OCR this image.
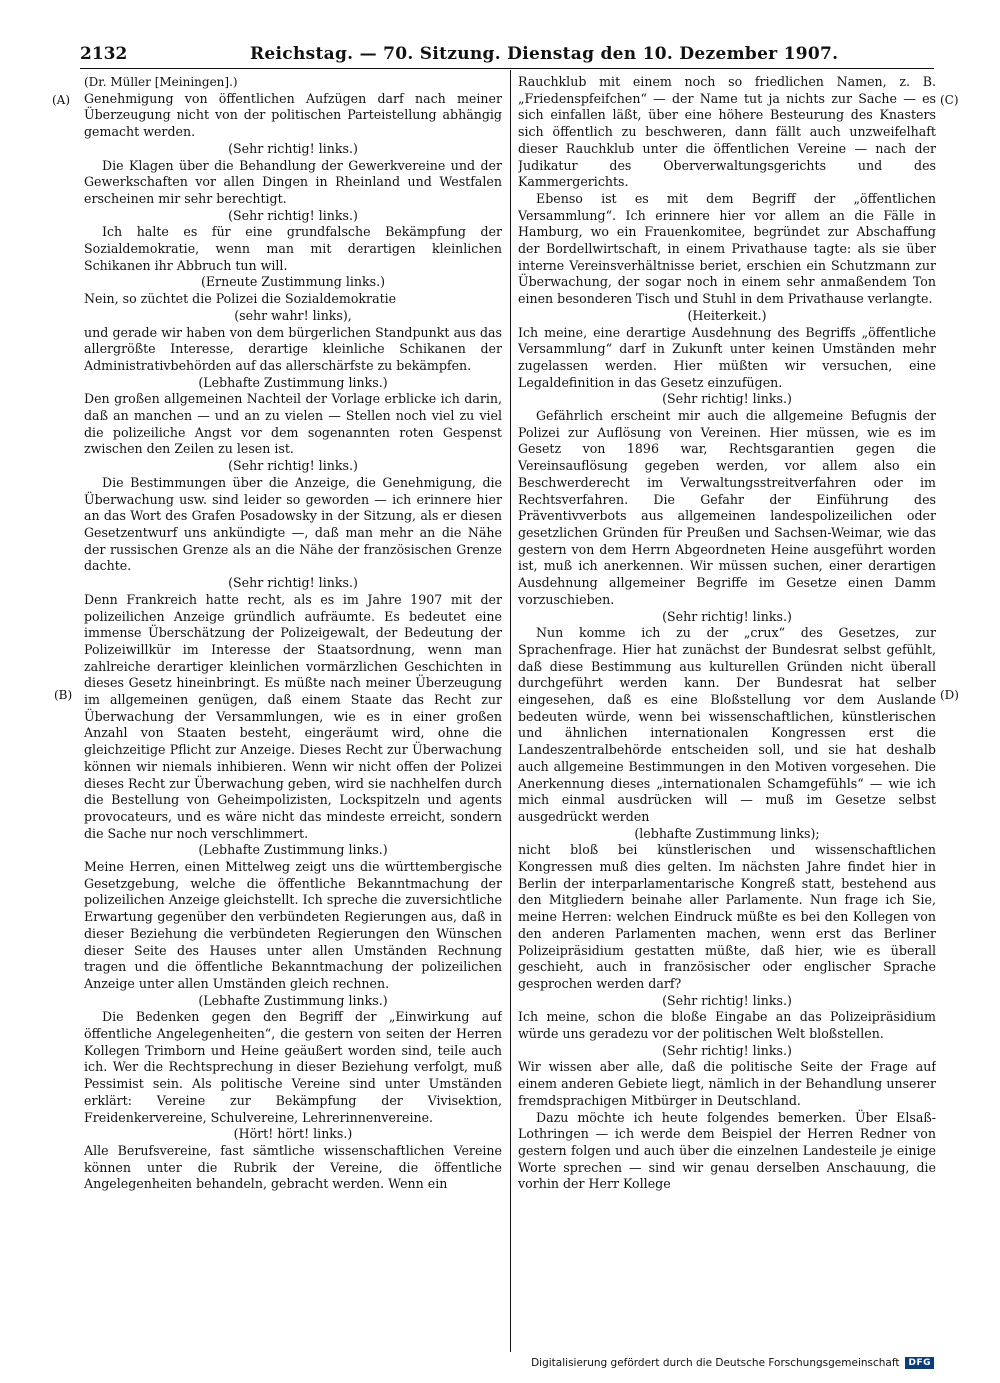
2132	Reichstag. — 70. Sitzung. Dienstag den 10. Dezember 1907.
(A)
(B)
(C)
(D)

(Dr. Müller [Meiningen].)

Genehmigung von öffentlichen Aufzügen darf nach meiner Überzeugung nicht von der politischen Parteistellung abhängig gemacht werden.

(Sehr richtig! links.)

Die Klagen über die Behandlung der Gewerkvereine und der Gewerkschaften vor allen Dingen in Rheinland und Westfalen erscheinen mir sehr berechtigt.

(Sehr richtig! links.)

Ich halte es für eine grundfalsche Bekämpfung der Sozialdemokratie, wenn man mit derartigen kleinlichen Schikanen ihr Abbruch tun will.

(Erneute Zustimmung links.)

Nein, so züchtet die Polizei die Sozialdemokratie

(sehr wahr! links),

und gerade wir haben von dem bürgerlichen Standpunkt aus das allergrößte Interesse, derartige kleinliche Schikanen der Administrativbehörden auf das allerschärfste zu bekämpfen.

(Lebhafte Zustimmung links.)

Den großen allgemeinen Nachteil der Vorlage erblicke ich darin, daß an manchen — und an zu vielen — Stellen noch viel zu viel die polizeiliche Angst vor dem sogenannten roten Gespenst zwischen den Zeilen zu lesen ist.

(Sehr richtig! links.)

Die Bestimmungen über die Anzeige, die Genehmigung, die Überwachung usw. sind leider so geworden — ich erinnere hier an das Wort des Grafen Posadowsky in der Sitzung, als er diesen Gesetzentwurf uns ankündigte —, daß man mehr an die Nähe der russischen Grenze als an die Nähe der französischen Grenze dachte.

(Sehr richtig! links.)

Denn Frankreich hatte recht, als es im Jahre 1907 mit der polizeilichen Anzeige gründlich aufräumte. Es bedeutet eine immense Überschätzung der Polizeigewalt, der Bedeutung der Polizeiwillkür im Interesse der Staatsordnung, wenn man zahlreiche derartiger kleinlichen vormärzlichen Geschichten in dieses Gesetz hineinbringt. Es müßte nach meiner Überzeugung im allgemeinen genügen, daß einem Staate das Recht zur Überwachung der Versammlungen, wie es in einer großen Anzahl von Staaten besteht, eingeräumt wird, ohne die gleichzeitige Pflicht zur Anzeige. Dieses Recht zur Überwachung können wir niemals inhibieren. Wenn wir nicht offen der Polizei dieses Recht zur Überwachung geben, wird sie nachhelfen durch die Bestellung von Geheimpolizisten, Lockspitzeln und agents provocateurs, und es wäre nicht das mindeste erreicht, sondern die Sache nur noch verschlimmert.

(Lebhafte Zustimmung links.)

Meine Herren, einen Mittelweg zeigt uns die württembergische Gesetzgebung, welche die öffentliche Bekanntmachung der polizeilichen Anzeige gleichstellt. Ich spreche die zuversichtliche Erwartung gegenüber den verbündeten Regierungen aus, daß in dieser Beziehung die verbündeten Regierungen den Wünschen dieser Seite des Hauses unter allen Umständen Rechnung tragen und die öffentliche Bekanntmachung der polizeilichen Anzeige unter allen Umständen gleich rechnen.

(Lebhafte Zustimmung links.)

Die Bedenken gegen den Begriff der „Einwirkung auf öffentliche Angelegenheiten“, die gestern von seiten der Herren Kollegen Trimborn und Heine geäußert worden sind, teile auch ich. Wer die Rechtsprechung in dieser Beziehung verfolgt, muß Pessimist sein. Als politische Vereine sind unter Umständen erklärt: Vereine zur Bekämpfung der Vivisektion, Freidenkervereine, Schulvereine, Lehrerinnenvereine.

(Hört! hört! links.)

Alle Berufsvereine, fast sämtliche wissenschaftlichen Vereine können unter die Rubrik der Vereine, die öffentliche Angelegenheiten behandeln, gebracht werden. Wenn ein

Rauchklub mit einem noch so friedlichen Namen, z. B. „Friedenspfeifchen“ — der Name tut ja nichts zur Sache — es sich einfallen läßt, über eine höhere Besteurung des Knasters sich öffentlich zu beschweren, dann fällt auch unzweifelhaft dieser Rauchklub unter die öffentlichen Vereine — nach der Judikatur des Oberverwaltungsgerichts und des Kammergerichts.

Ebenso ist es mit dem Begriff der „öffentlichen Versammlung“. Ich erinnere hier vor allem an die Fälle in Hamburg, wo ein Frauenkomitee, begründet zur Abschaffung der Bordellwirtschaft, in einem Privathause tagte: als sie über interne Vereinsverhältnisse beriet, erschien ein Schutzmann zur Überwachung, der sogar noch in einem sehr anmaßendem Ton einen besonderen Tisch und Stuhl in dem Privathause verlangte.

(Heiterkeit.)

Ich meine, eine derartige Ausdehnung des Begriffs „öffentliche Versammlung“ darf in Zukunft unter keinen Umständen mehr zugelassen werden. Hier müßten wir versuchen, eine Legaldefinition in das Gesetz einzufügen.

(Sehr richtig! links.)

Gefährlich erscheint mir auch die allgemeine Befugnis der Polizei zur Auflösung von Vereinen. Hier müssen, wie es im Gesetz von 1896 war, Rechtsgarantien gegen die Vereinsauflösung gegeben werden, vor allem also ein Beschwerderecht im Verwaltungsstreitverfahren oder im Rechtsverfahren. Die Gefahr der Einführung des Präventivverbots aus allgemeinen landespolizeilichen oder gesetzlichen Gründen für Preußen und Sachsen-Weimar, wie das gestern von dem Herrn Abgeordneten Heine ausgeführt worden ist, muß ich anerkennen. Wir müssen suchen, einer derartigen Ausdehnung allgemeiner Begriffe im Gesetze einen Damm vorzuschieben.

(Sehr richtig! links.)

Nun komme ich zu der „crux“ des Gesetzes, zur Sprachenfrage. Hier hat zunächst der Bundesrat selbst gefühlt, daß diese Bestimmung aus kulturellen Gründen nicht überall durchgeführt werden kann. Der Bundesrat hat selber eingesehen, daß es eine Bloßstellung vor dem Auslande bedeuten würde, wenn bei wissenschaftlichen, künstlerischen und ähnlichen internationalen Kongressen erst die Landeszentralbehörde entscheiden soll, und sie hat deshalb auch allgemeine Bestimmungen in den Motiven vorgesehen. Die Anerkennung dieses „internationalen Schamgefühls“ — wie ich mich einmal ausdrücken will — muß im Gesetze selbst ausgedrückt werden

(lebhafte Zustimmung links);

nicht bloß bei künstlerischen und wissenschaftlichen Kongressen muß dies gelten. Im nächsten Jahre findet hier in Berlin der interparlamentarische Kongreß statt, bestehend aus den Mitgliedern beinahe aller Parlamente. Nun frage ich Sie, meine Herren: welchen Eindruck müßte es bei den Kollegen von den anderen Parlamenten machen, wenn erst das Berliner Polizeipräsidium gestatten müßte, daß hier, wie es überall geschieht, auch in französischer oder englischer Sprache gesprochen werden darf?

(Sehr richtig! links.)

Ich meine, schon die bloße Eingabe an das Polizeipräsidium würde uns geradezu vor der politischen Welt bloßstellen.

(Sehr richtig! links.)

Wir wissen aber alle, daß die politische Seite der Frage auf einem anderen Gebiete liegt, nämlich in der Behandlung unserer fremdsprachigen Mitbürger in Deutschland.

Dazu möchte ich heute folgendes bemerken. Über Elsaß-Lothringen — ich werde dem Beispiel der Herren Redner von gestern folgen und auch über die einzelnen Landesteile je einige Worte sprechen — sind wir genau derselben Anschauung, die vorhin der Herr Kollege

Digitalisierung gefördert durch die Deutsche Forschungsgemeinschaft	DFG
